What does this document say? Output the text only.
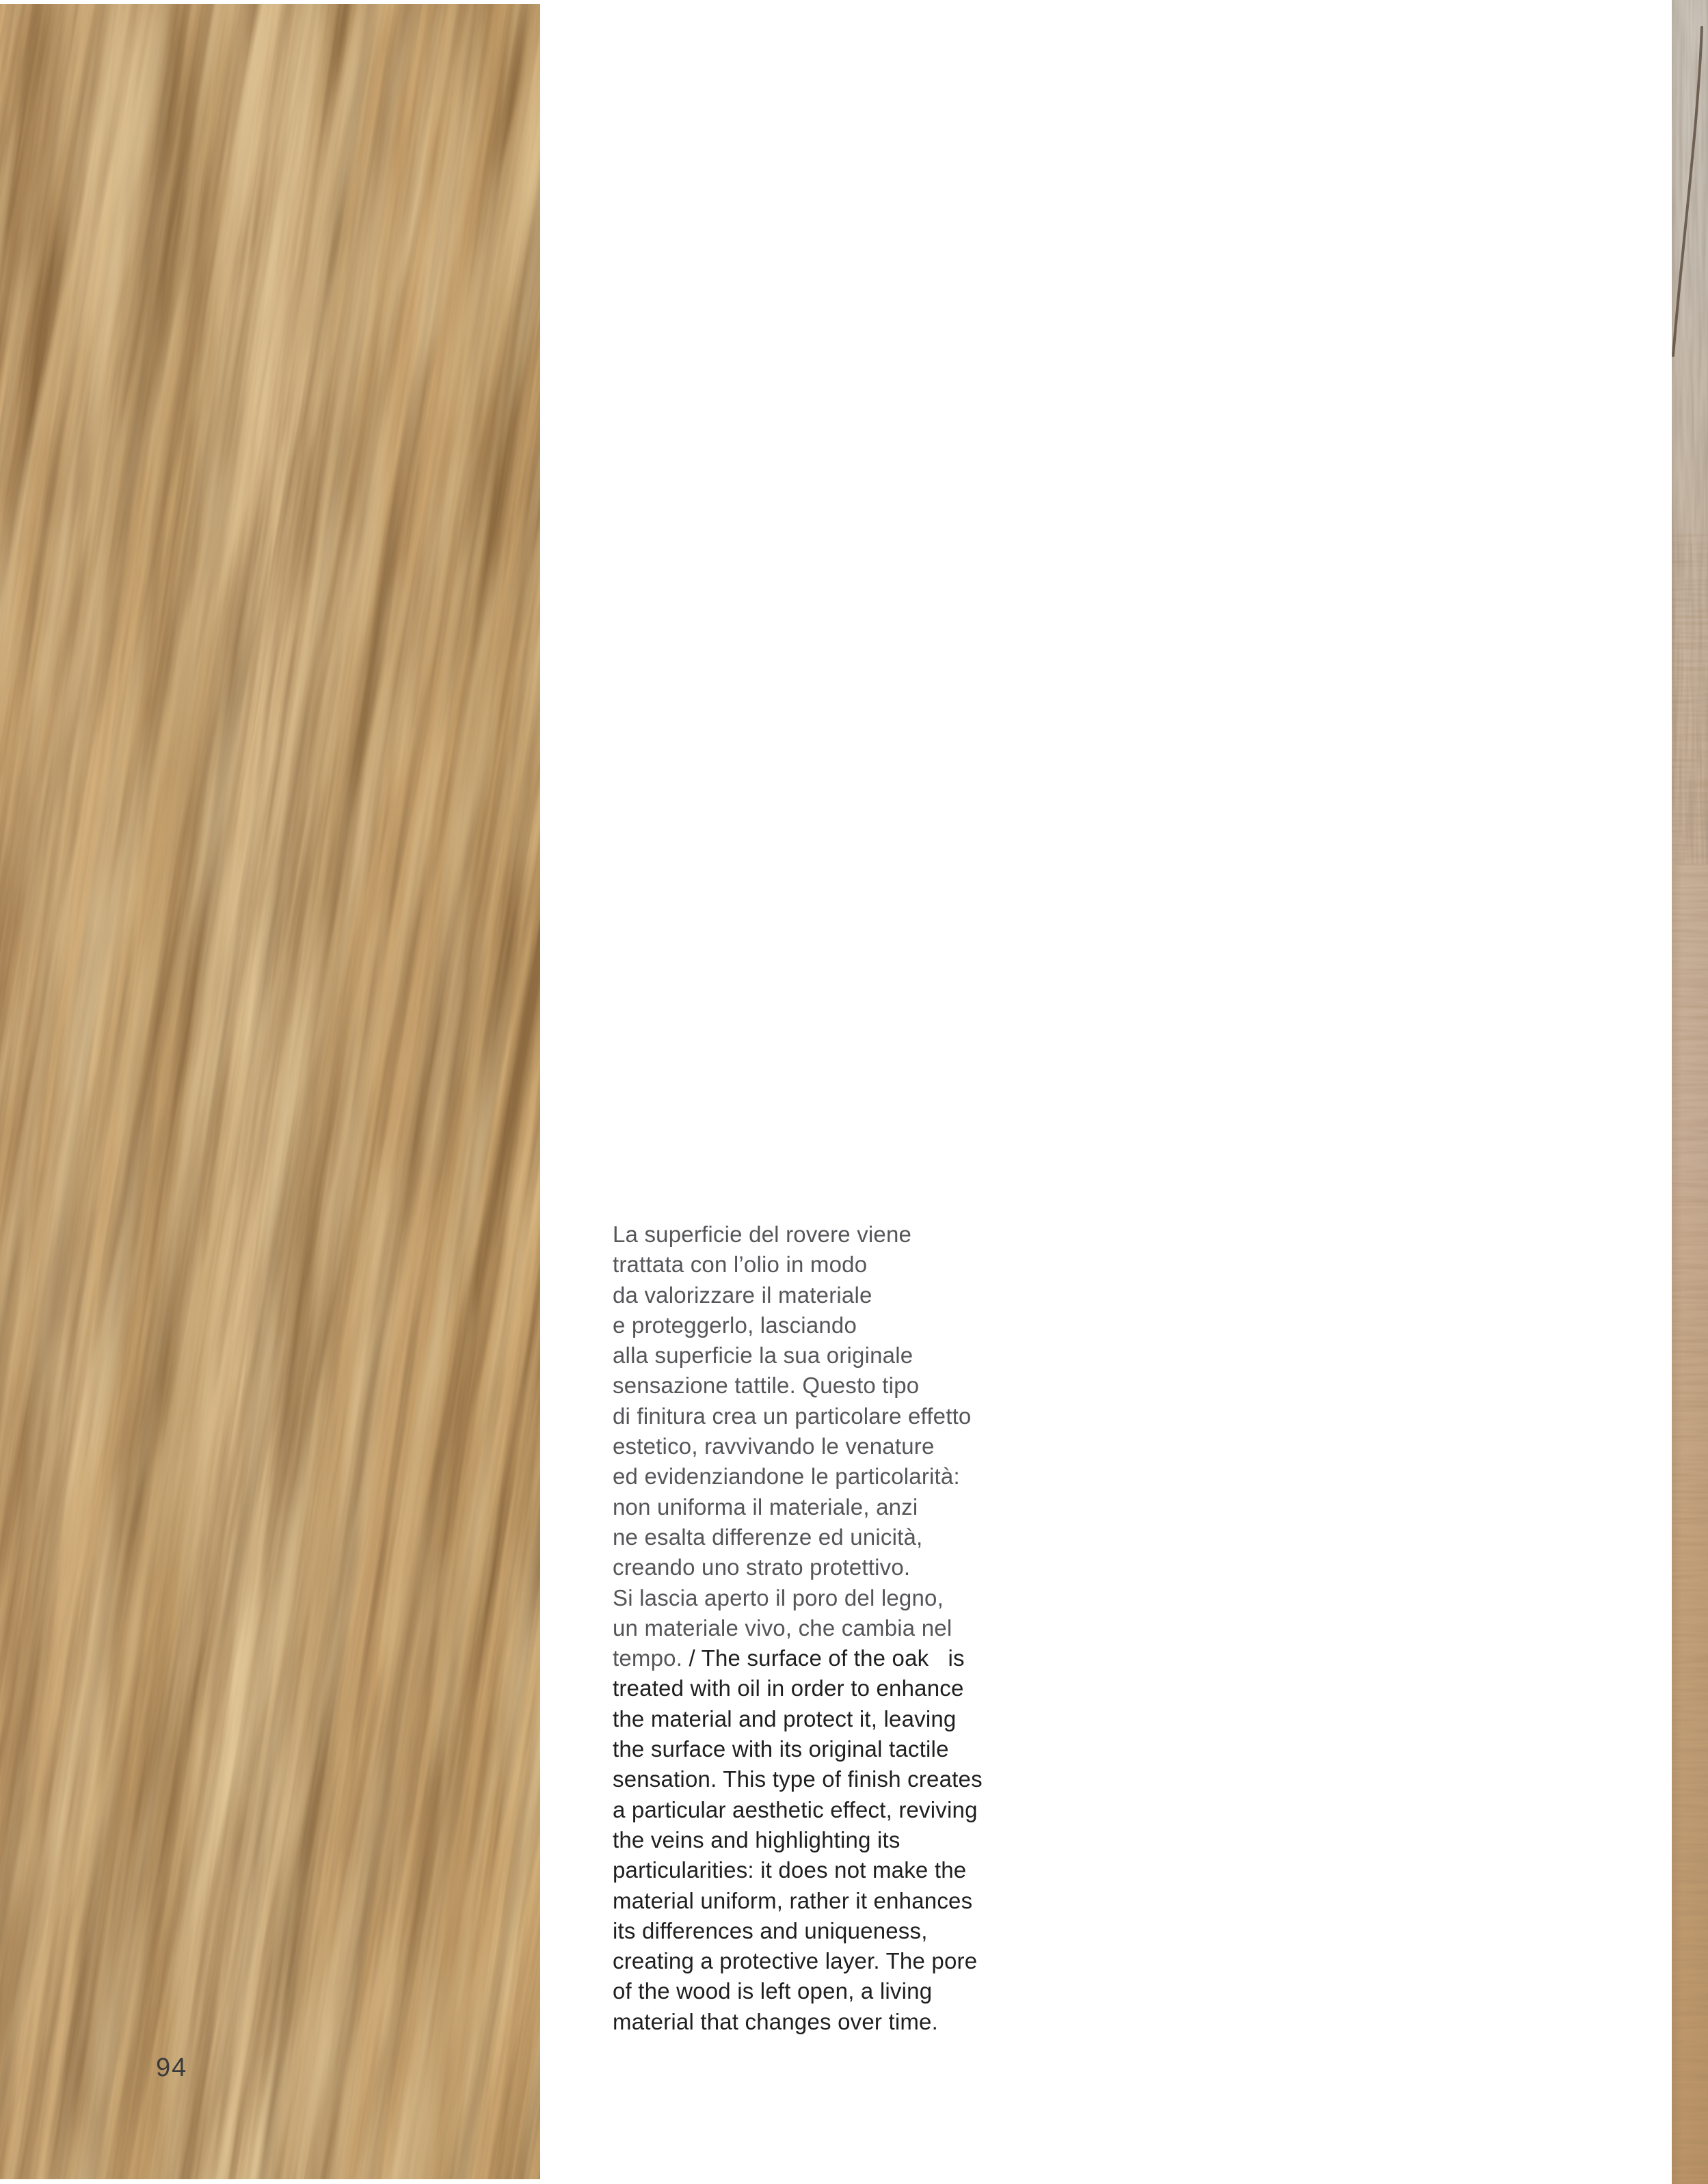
94
La superficie del rovere viene
trattata con l’olio in modo
da valorizzare il materiale
e proteggerlo, lasciando
alla superficie la sua originale
sensazione tattile. Questo tipo
di finitura crea un particolare effetto
estetico, ravvivando le venature
ed evidenziandone le particolarità:
non uniforma il materiale, anzi
ne esalta differenze ed unicità,
creando uno strato protettivo.
Si lascia aperto il poro del legno,
un materiale vivo, che cambia nel
tempo. / The surface of the oak   is
treated with oil in order to enhance
the material and protect it, leaving
the surface with its original tactile
sensation. This type of finish creates
a particular aesthetic effect, reviving
the veins and highlighting its
particularities: it does not make the
material uniform, rather it enhances
its differences and uniqueness,
creating a protective layer. The pore
of the wood is left open, a living
material that changes over time.
